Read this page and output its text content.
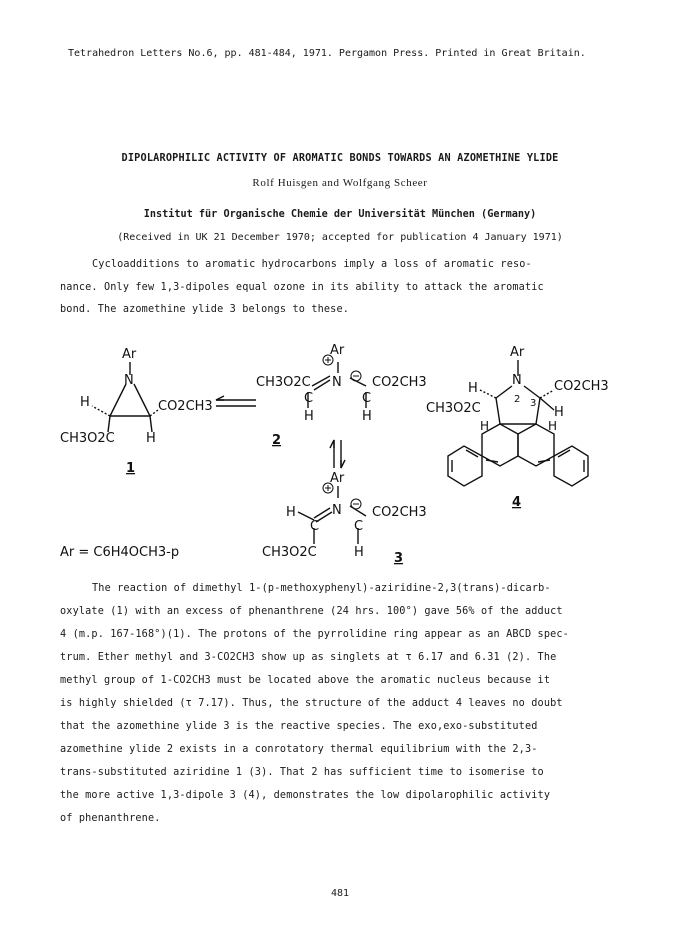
Tetrahedron Letters No.6, pp. 481-484, 1971. Pergamon Press. Printed in Great Britain.
DIPOLAROPHILIC ACTIVITY OF AROMATIC BONDS TOWARDS AN AZOMETHINE YLIDE
Rolf Huisgen and Wolfgang Scheer
Institut für Organische Chemie der Universität München (Germany)
(Received in UK 21 December 1970; accepted for publication 4 January 1971)
Cycloadditions to aromatic hydrocarbons imply a loss of aromatic reso-
nance. Only few 1,3-dipoles equal ozone in its ability to attack the aromatic
bond. The azomethine ylide 3 belongs to these.
Ar
N
H	CO2CH3
CH3O2C H
1
Ar
N
CH3O2C	CO2CH3
C	C
H	H
2
Ar
N
H	CO2CH3
C	C
CH3O2C	H 3
Ar
N
H	CO2CH3
2 3
CH3O2C	H
H	H
4
Ar = C6H4OCH3-p
The reaction of dimethyl 1-(p-methoxyphenyl)-aziridine-2,3(trans)-dicarb-
oxylate (1) with an excess of phenanthrene (24 hrs. 100°) gave 56% of the adduct
4 (m.p. 167-168°)(1). The protons of the pyrrolidine ring appear as an ABCD spec-
trum. Ether methyl and 3-CO2CH3 show up as singlets at τ 6.17 and 6.31 (2). The
methyl group of 1-CO2CH3 must be located above the aromatic nucleus because it
is highly shielded (τ 7.17). Thus, the structure of the adduct 4 leaves no doubt
that the azomethine ylide 3 is the reactive species. The exo,exo-substituted
azomethine ylide 2 exists in a conrotatory thermal equilibrium with the 2,3-
trans-substituted aziridine 1 (3). That 2 has sufficient time to isomerise to
the more active 1,3-dipole 3 (4), demonstrates the low dipolarophilic activity
of phenanthrene.
481
